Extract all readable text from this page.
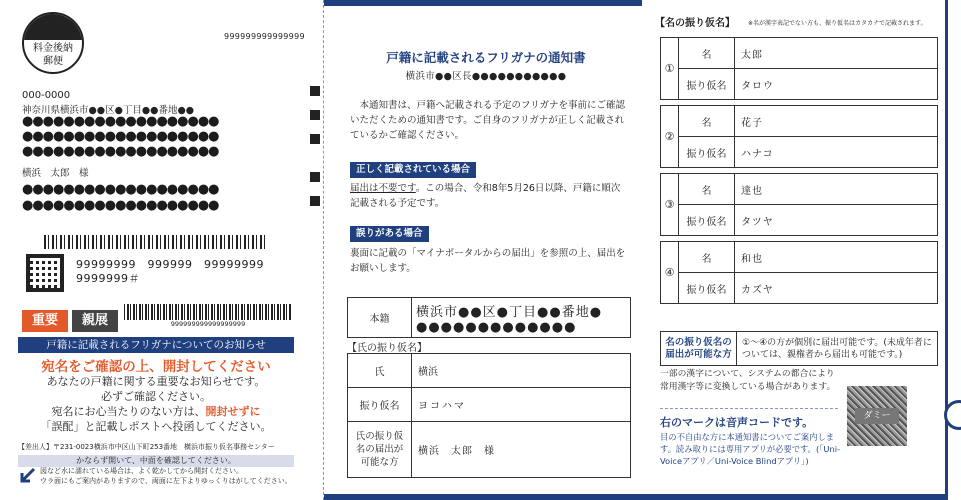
料金後納
郵便
999999999999999
000-0000
神奈川県横浜市●●区●丁目●●番地●●
●●●●●●●●●●●●●●●●●●●
●●●●●●●●●●●●●●●●●●●
●●●●●●●●●●●●●●●●●●●
横浜　太郎　様
●●●●●●●●●●●●●●●●●●●
●●●●●●●●●●●●●●●●●●●
99999999　999999　99999999
9999999＃
重要	親展	999999999999999999
戸籍に記載されるフリガナについてのお知らせ
宛名をご確認の上、開封してください
あなたの戸籍に関する重要なお知らせです。
必ずご確認ください。
宛名にお心当たりのない方は、開封せずに
「誤配」と記載しポストへ投函してください。
【差出人】〒231-0023横浜市中区山下町253番地　横浜市振り仮名事務センター
かならず開いて、中面を確認してください。
図など水に濡れている場合は、よく乾かしてから開封ください。
ウラ面にもご案内がありますので、両面に左下よりゆっくりはがしてください。
戸籍に記載されるフリガナの通知書
横浜市●●区長●●●●●●●●●●●
本通知書は、戸籍へ記載される予定のフリガナを事前にご確認いただくための通知書です。ご自身のフリガナが正しく記載されているかご確認ください。
正しく記載されている場合
届出は不要です。この場合、令和8年5月26日以降、戸籍に順次記載される予定です。
誤りがある場合
裏面に記載の「マイナポータルからの届出」を参照の上、届出をお願いします。
本籍	横浜市●●区●丁目●●番地●
●●●●●●●●●●●●●
【氏の振り仮名】
氏	横浜
振り仮名	ヨコハマ
氏の振り仮名の届出が可能な方	横浜　太郎　様
【名の振り仮名】 ※名が漢字表記でない方も、振り仮名はカタカナで記載されます。
①	名	太郎
	振り仮名	タロウ
②	名	花子
	振り仮名	ハナコ
③	名	達也
	振り仮名	タツヤ
④	名	和也
	振り仮名	カズヤ
名の振り仮名の届出が可能な方	①～④の方が個別に届出可能です。(未成年者については、親権者から届出も可能です。)
一部の漢字について、システムの都合により常用漢字等に変換している場合があります。
右のマークは音声コードです。
目の不自由な方に本通知書についてご案内します。読み取りには専用アプリが必要です。(「Uni-Voiceアプリ／Uni-Voice Blindアプリ」)
ダミー
